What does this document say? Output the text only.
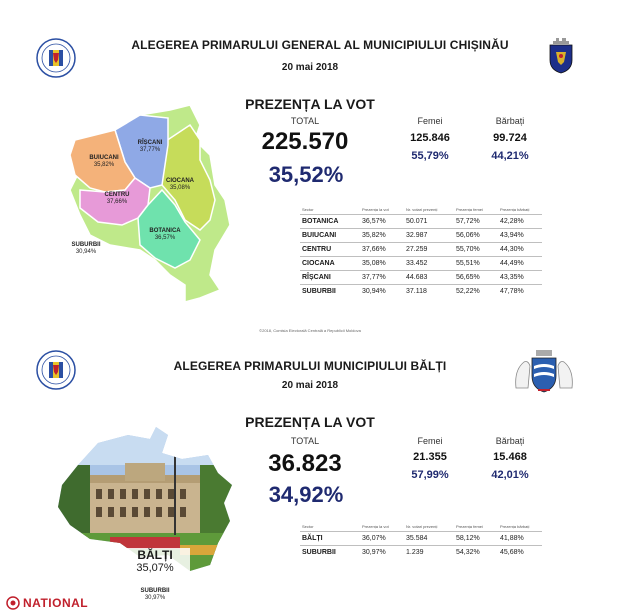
ALEGEREA PRIMARULUI GENERAL AL MUNICIPIULUI CHIȘINĂU
20 mai 2018
PREZENȚA LA VOT
RÎȘCANI
37,77%
BUIUCANI
35,82%
CIOCANA
35,08%
CENTRU
37,66%
BOTANICA
36,57%
SUBURBII
30,94%
TOTAL
225.570
35,52%
Femei
125.846
55,79%
Bărbați
99.724
44,21%
Sector	Prezența la vot	Nr. votari prezenți	Prezența femei	Prezența bărbați
BOTANICA	36,57%	50.071	57,72%	42,28%
BUIUCANI	35,82%	32.987	56,06%	43,94%
CENTRU	37,66%	27.259	55,70%	44,30%
CIOCANA	35,08%	33.452	55,51%	44,49%
RÎȘCANI	37,77%	44.683	56,65%	43,35%
SUBURBII	30,94%	37.118	52,22%	47,78%
©2018, Comisia Electorală Centrală a Republicii Moldova
ALEGEREA PRIMARULUI MUNICIPIULUI BĂLȚI
20 mai 2018
PREZENȚA LA VOT
BĂLȚI
35,07%
SUBURBII
30,97%
TOTAL
36.823
34,92%
Femei
21.355
57,99%
Bărbați
15.468
42,01%
Sector	Prezența la vot	Nr. votari prezenți	Prezența femei	Prezența bărbați
BĂLȚI	36,07%	35.584	58,12%	41,88%
SUBURBII	30,97%	1.239	54,32%	45,68%
NATIONAL
